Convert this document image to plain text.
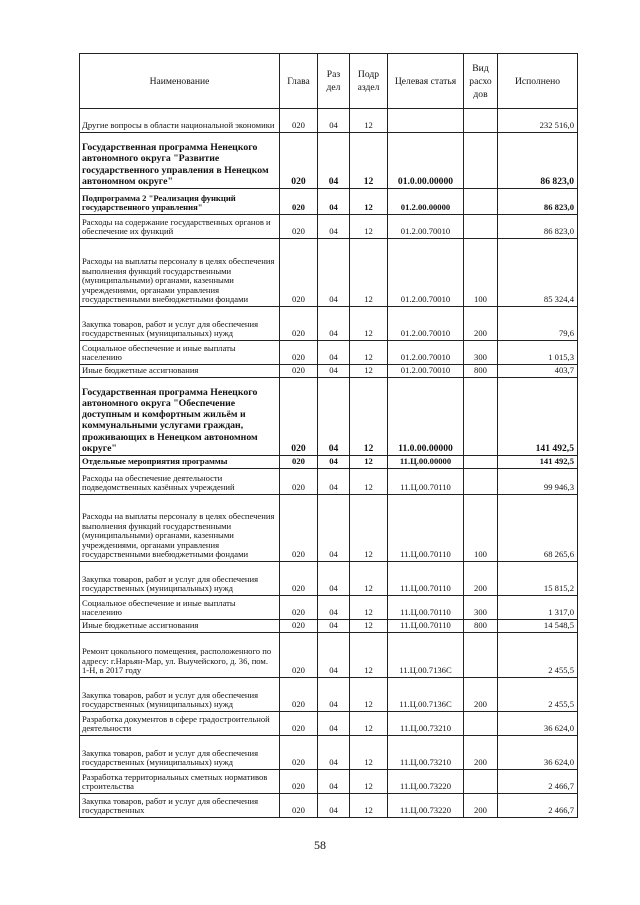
Наименование	Глава	Раз дел	Подр аздел	Целевая статья	Вид расхо дов	Исполнено
Другие вопросы в области национальной экономики	020	04	12			232 516,0
Государственная программа Ненецкого автономного округа "Развитие государственного управления в Ненецком автономном округе"	020	04	12	01.0.00.00000		86 823,0
Подпрограмма 2 "Реализация функций государственного управления"	020	04	12	01.2.00.00000		86 823,0
Расходы на содержание государственных органов и обеспечение их функций	020	04	12	01.2.00.70010		86 823,0
Расходы на выплаты персоналу в целях обеспечения выполнения функций государственными (муниципальными) органами, казенными учреждениями, органами управления государственными внебюджетными фондами	020	04	12	01.2.00.70010	100	85 324,4
Закупка товаров, работ и услуг для обеспечения государственных (муниципальных) нужд	020	04	12	01.2.00.70010	200	79,6
Социальное обеспечение и иные выплаты населению	020	04	12	01.2.00.70010	300	1 015,3
Иные бюджетные ассигнования	020	04	12	01.2.00.70010	800	403,7
Государственная программа Ненецкого автономного округа "Обеспечение доступным и комфортным жильём и коммунальными услугами граждан, проживающих в Ненецком автономном округе"	020	04	12	11.0.00.00000		141 492,5
Отдельные мероприятия программы	020	04	12	11.Ц.00.00000		141 492,5
Расходы на обеспечение деятельности подведомственных казённых учреждений	020	04	12	11.Ц.00.70110		99 946,3
Расходы на выплаты персоналу в целях обеспечения выполнения функций государственными (муниципальными) органами, казенными учреждениями, органами управления государственными внебюджетными фондами	020	04	12	11.Ц.00.70110	100	68 265,6
Закупка товаров, работ и услуг для обеспечения государственных (муниципальных) нужд	020	04	12	11.Ц.00.70110	200	15 815,2
Социальное обеспечение и иные выплаты населению	020	04	12	11.Ц.00.70110	300	1 317,0
Иные бюджетные ассигнования	020	04	12	11.Ц.00.70110	800	14 548,5
Ремонт цокольного помещения, расположенного по адресу: г.Нарьян-Мар, ул. Выучейского, д. 36, пом. 1-Н, в 2017 году	020	04	12	11.Ц.00.7136С		2 455,5
Закупка товаров, работ и услуг для обеспечения государственных (муниципальных) нужд	020	04	12	11.Ц.00.7136С	200	2 455,5
Разработка документов в сфере градостроительной деятельности	020	04	12	11.Ц.00.73210		36 624,0
Закупка товаров, работ и услуг для обеспечения государственных (муниципальных) нужд	020	04	12	11.Ц.00.73210	200	36 624,0
Разработка территориальных сметных нормативов строительства	020	04	12	11.Ц.00.73220		2 466,7
Закупка товаров, работ и услуг для обеспечения государственных	020	04	12	11.Ц.00.73220	200	2 466,7
58
